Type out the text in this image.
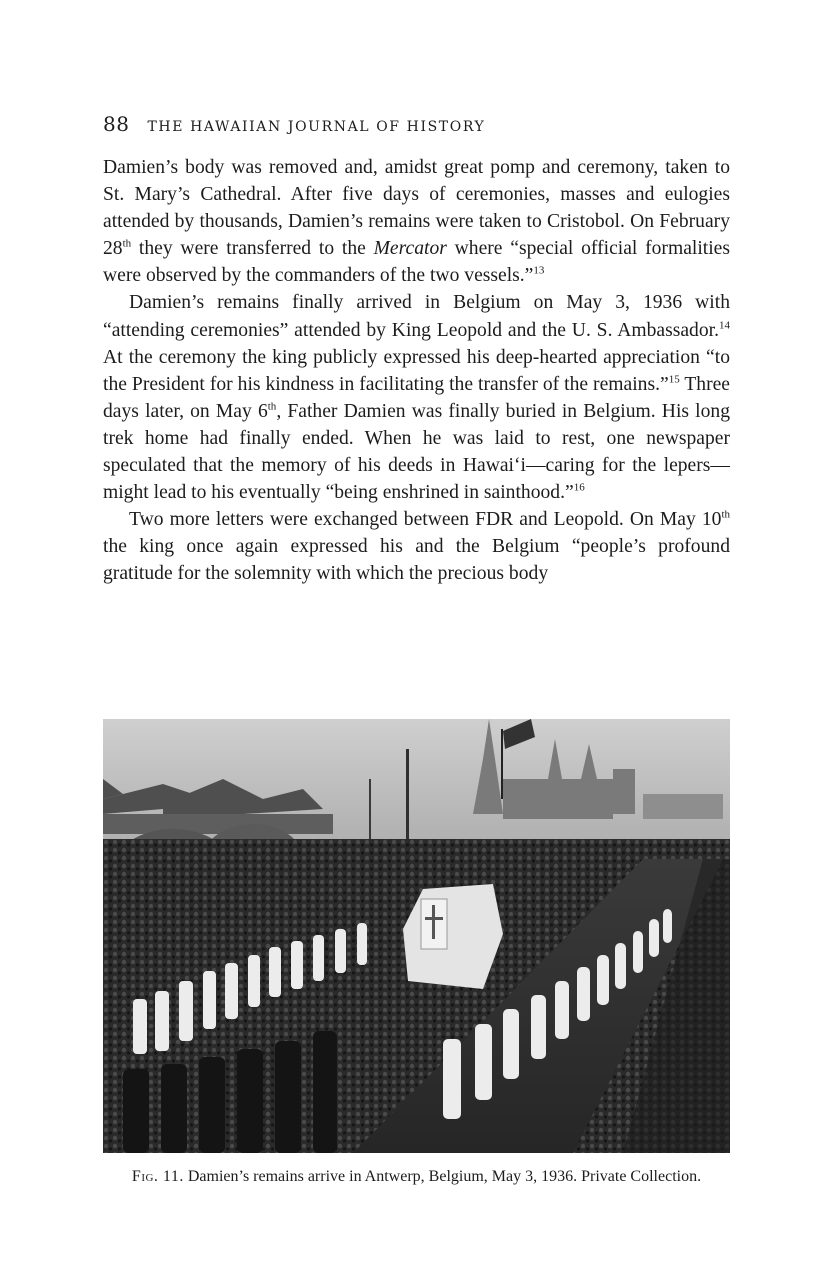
88 THE HAWAIIAN JOURNAL OF HISTORY

Damien’s body was removed and, amidst great pomp and ceremony, taken to St. Mary’s Cathedral. After five days of ceremonies, masses and eulogies attended by thousands, Damien’s remains were taken to Cristobol. On February 28th they were transferred to the Mercator where “special official formalities were observed by the commanders of the two vessels.”$^{13}$

Damien’s remains finally arrived in Belgium on May 3, 1936 with “attending ceremonies” attended by King Leopold and the U. S. Ambassador.$^{14}$ At the ceremony the king publicly expressed his deep-hearted appreciation “to the President for his kindness in facilitating the transfer of the remains.”$^{15}$ Three days later, on May 6th, Father Damien was finally buried in Belgium. His long trek home had finally ended. When he was laid to rest, one newspaper speculated that the memory of his deeds in Hawai‘i—caring for the lepers—might lead to his eventually “being enshrined in sainthood.”$^{16}$

Two more letters were exchanged between FDR and Leopold. On May 10th the king once again expressed his and the Belgium “people’s profound gratitude for the solemnity with which the precious body

Fig. 11. Damien’s remains arrive in Antwerp, Belgium, May 3, 1936. Private Collection.
